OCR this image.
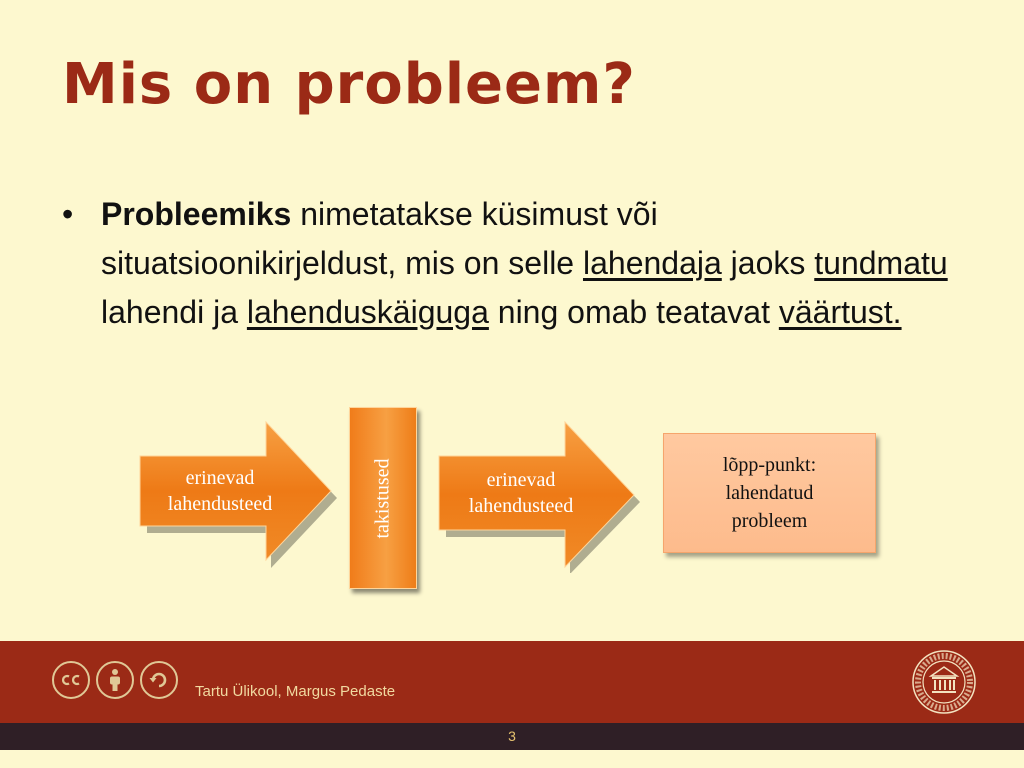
Mis on probleem?
• Probleemiks nimetatakse küsimust või situatsioonikirjeldust, mis on selle lahendaja jaoks tundmatu lahendi ja lahenduskäiguga ning omab teatavat väärtust.
erinevad
lahendusteed	takistused	erinevad
lahendusteed
lõpp-punkt:
lahendatud
probleem
Tartu Ülikool, Margus Pedaste
3
